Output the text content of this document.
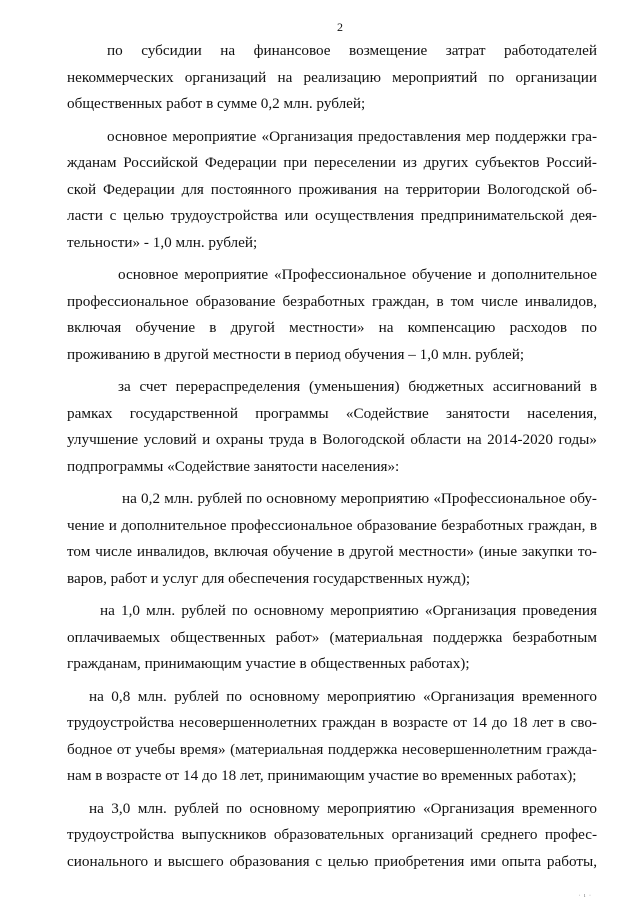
2
по субсидии на финансовое возмещение затрат работодателей
некоммерческих организаций на реализацию мероприятий по организации
общественных работ в сумме 0,2 млн. рублей;
основное мероприятие «Организация предоставления мер поддержки гра-
жданам Российской Федерации при переселении из других субъектов Россий-
ской Федерации для постоянного проживания на территории Вологодской об-
ласти с целью трудоустройства или осуществления предпринимательской дея-
тельности» - 1,0 млн. рублей;
основное мероприятие «Профессиональное обучение и дополнительное
профессиональное образование безработных граждан, в том числе инвалидов,
включая обучение в другой местности» на компенсацию расходов по
проживанию в другой местности в период обучения – 1,0 млн. рублей;
за счет перераспределения (уменьшения) бюджетных ассигнований в
рамках государственной программы «Содействие занятости населения,
улучшение условий и охраны труда в Вологодской области на 2014-2020 годы»
подпрограммы «Содействие занятости населения»:
на 0,2 млн. рублей по основному мероприятию «Профессиональное обу-
чение и дополнительное профессиональное образование безработных граждан, в
том числе инвалидов, включая обучение в другой местности» (иные закупки то-
варов, работ и услуг для обеспечения государственных нужд);
на 1,0 млн. рублей по основному мероприятию «Организация проведения
оплачиваемых общественных работ» (материальная поддержка безработным
гражданам, принимающим участие в общественных работах);
на 0,8 млн. рублей по основному мероприятию «Организация временного
трудоустройства несовершеннолетних граждан в возрасте от 14 до 18 лет в сво-
бодное от учебы время» (материальная поддержка несовершеннолетним гражда-
нам в возрасте от 14 до 18 лет, принимающим участие во временных работах);
на 3,0 млн. рублей по основному мероприятию «Организация временного
трудоустройства выпускников образовательных организаций среднего профес-
сионального и высшего образования с целью приобретения ими опыта работы,
· ı ·
